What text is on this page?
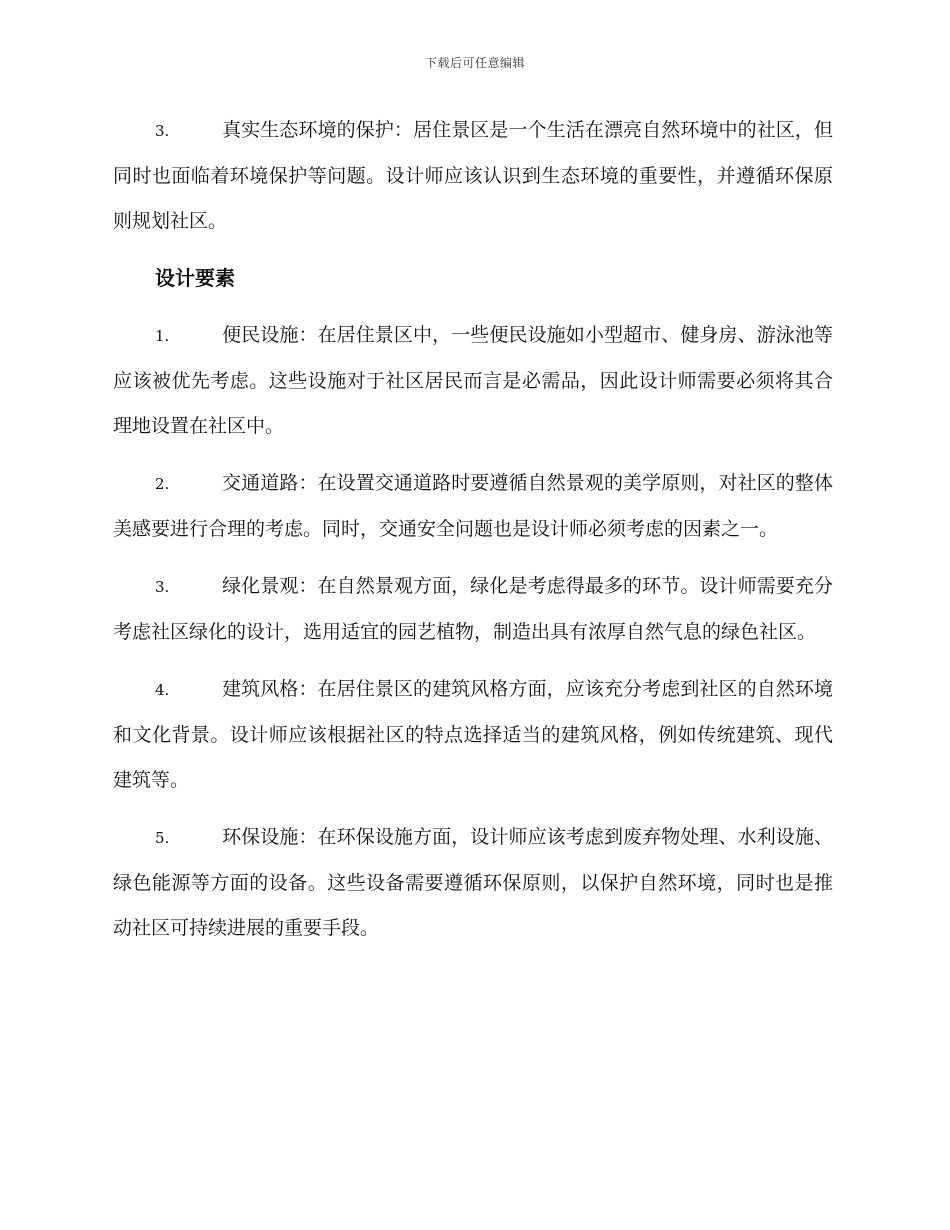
下载后可任意编辑

3.	真实生态环境的保护：居住景区是一个生活在漂亮自然环境中的社区，但同时也面临着环境保护等问题。设计师应该认识到生态环境的重要性，并遵循环保原则规划社区。

设计要素

1.	便民设施：在居住景区中，一些便民设施如小型超市、健身房、游泳池等应该被优先考虑。这些设施对于社区居民而言是必需品，因此设计师需要必须将其合理地设置在社区中。

2.	交通道路：在设置交通道路时要遵循自然景观的美学原则，对社区的整体美感要进行合理的考虑。同时，交通安全问题也是设计师必须考虑的因素之一。

3.	绿化景观：在自然景观方面，绿化是考虑得最多的环节。设计师需要充分考虑社区绿化的设计，选用适宜的园艺植物，制造出具有浓厚自然气息的绿色社区。

4.	建筑风格：在居住景区的建筑风格方面，应该充分考虑到社区的自然环境和文化背景。设计师应该根据社区的特点选择适当的建筑风格，例如传统建筑、现代建筑等。

5.	环保设施：在环保设施方面，设计师应该考虑到废弃物处理、水利设施、绿色能源等方面的设备。这些设备需要遵循环保原则，以保护自然环境，同时也是推动社区可持续进展的重要手段。
